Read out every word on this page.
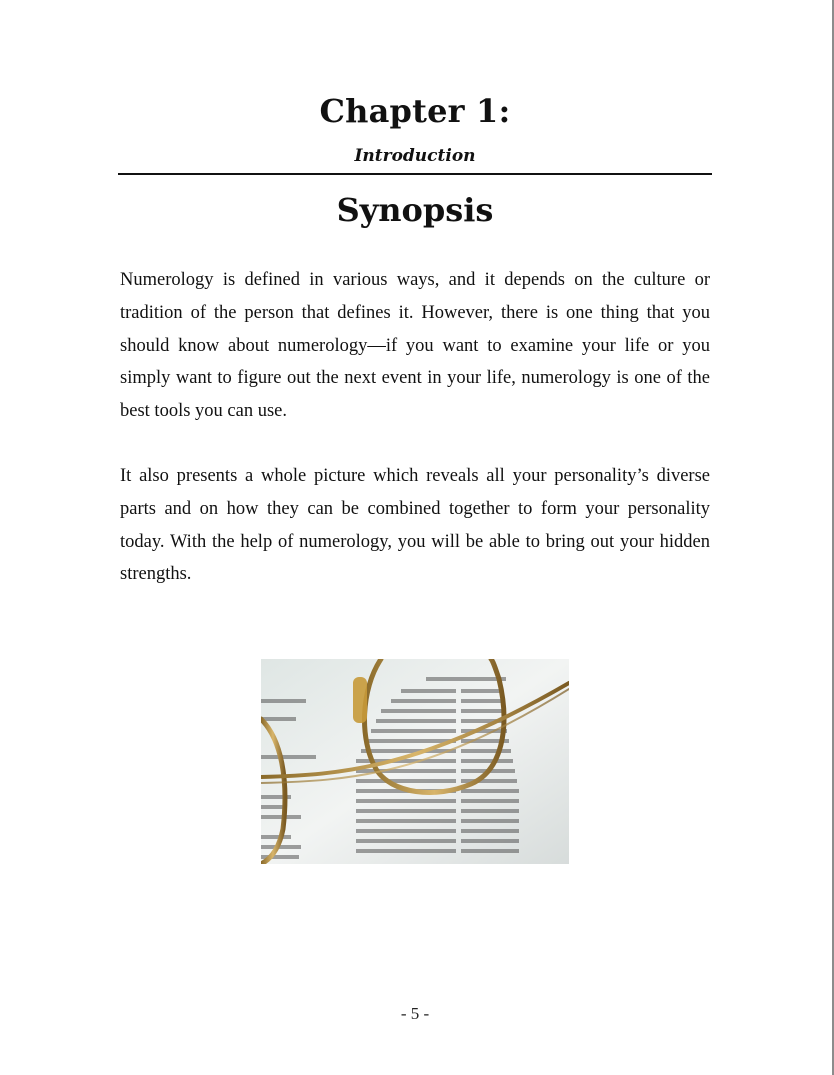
Chapter 1:
Introduction
Synopsis

Numerology is defined in various ways, and it depends on the culture or tradition of the person that defines it. However, there is one thing that you should know about numerology—if you want to examine your life or you simply want to figure out the next event in your life, numerology is one of the best tools you can use.

It also presents a whole picture which reveals all your personality’s diverse parts and on how they can be combined together to form your personality today. With the help of numerology, you will be able to bring out your hidden strengths.

- 5 -
